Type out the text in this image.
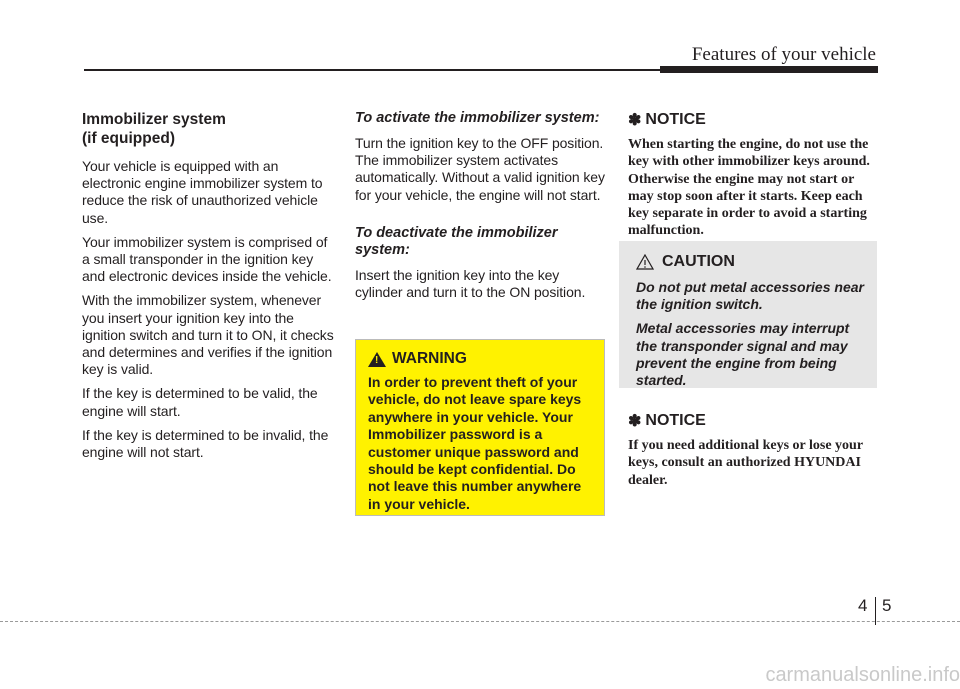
Features of your vehicle
Immobilizer system
(if equipped)

Your vehicle is equipped with an electronic engine immobilizer system to reduce the risk of unauthorized vehicle use.

Your immobilizer system is comprised of a small transponder in the ignition key and electronic devices inside the vehicle.

With the immobilizer system, whenever you insert your ignition key into the ignition switch and turn it to ON, it checks and determines and verifies if the ignition key is valid.

If the key is determined to be valid, the engine will start.

If the key is determined to be invalid, the engine will not start.

To activate the immobilizer system:

Turn the ignition key to the OFF position. The immobilizer system activates automatically. Without a valid ignition key for your vehicle, the engine will not start.

To deactivate the immobilizer system:

Insert the ignition key into the key cylinder and turn it to the ON position.

!
WARNING

In order to prevent theft of your vehicle, do not leave spare keys anywhere in your vehicle. Your Immobilizer password is a customer unique password and should be kept confidential. Do not leave this number anywhere in your vehicle.

✽ NOTICE

When starting the engine, do not use the key with other immobilizer keys around. Otherwise the engine may not start or may stop soon after it starts. Keep each key separate in order to avoid a starting malfunction.

CAUTION

Do not put metal accessories near the ignition switch.

Metal accessories may interrupt the transponder signal and may prevent the engine from being started.

✽ NOTICE

If you need additional keys or lose your keys, consult an authorized HYUNDAI dealer.

4 5
carmanualsonline.info
